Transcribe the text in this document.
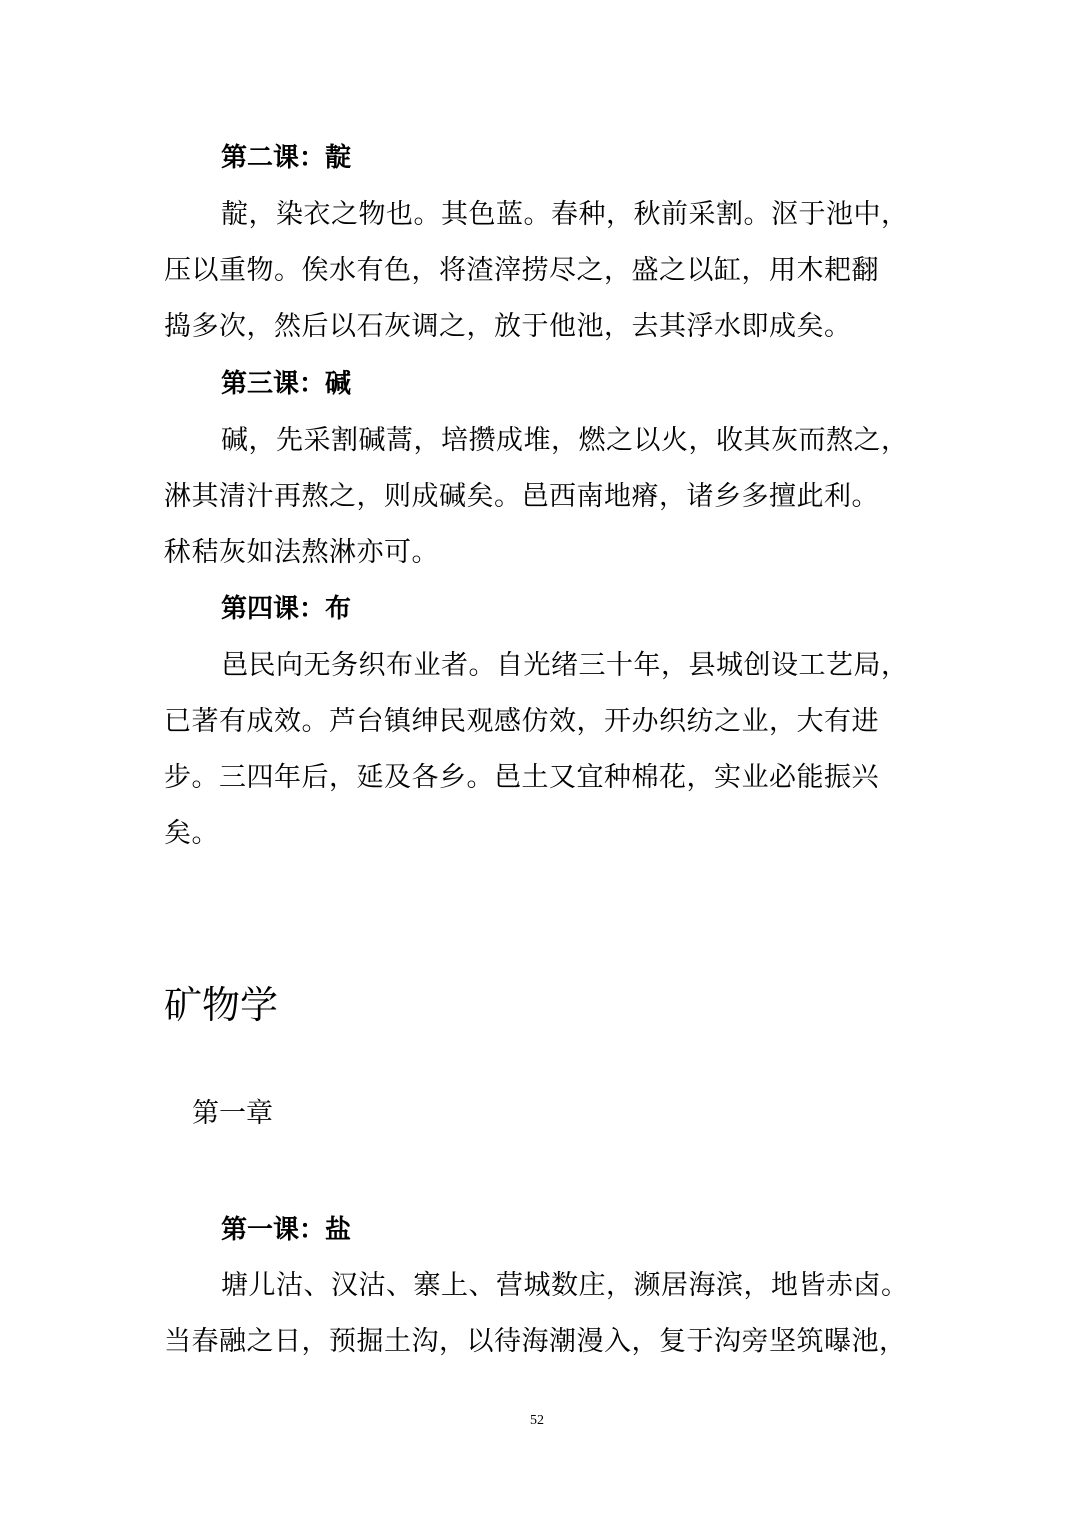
第二课：靛
靛，染衣之物也。其色蓝。春种，秋前采割。沤于池中，
压以重物。俟水有色，将渣滓捞尽之，盛之以缸，用木耙翻
捣多次，然后以石灰调之，放于他池，去其浮水即成矣。
第三课：碱
碱，先采割碱蒿，培攒成堆，燃之以火，收其灰而熬之，
淋其清汁再熬之，则成碱矣。邑西南地瘠，诸乡多擅此利。
秫秸灰如法熬淋亦可。
第四课：布
邑民向无务织布业者。自光绪三十年，县城创设工艺局，
已著有成效。芦台镇绅民观感仿效，开办织纺之业，大有进
步。三四年后，延及各乡。邑土又宜种棉花，实业必能振兴
矣。
矿物学
第一章
第一课：盐
塘儿沽、汉沽、寨上、营城数庄，濒居海滨，地皆赤卤。
当春融之日，预掘土沟，以待海潮漫入，复于沟旁坚筑曝池，
52
